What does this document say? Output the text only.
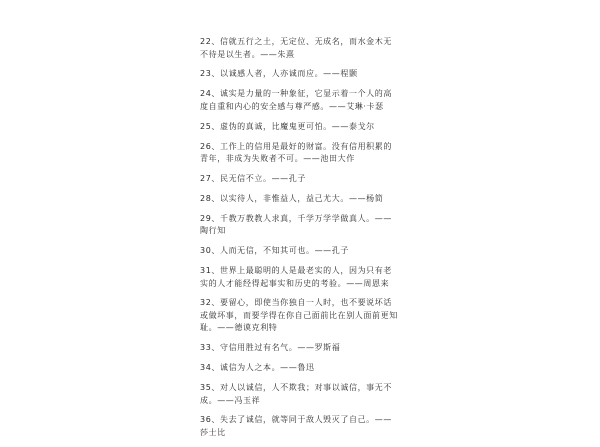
22、信就五行之土，无定位、无成名，而水金木无不待是以生者。——朱熹
23、以诚感人者，人亦诚而应。——程颢
24、诚实是力量的一种象征，它显示着一个人的高度自重和内心的安全感与尊严感。——艾琳·卡瑟
25、虚伪的真诚，比魔鬼更可怕。——泰戈尔
26、工作上的信用是最好的财富。没有信用积累的青年，非成为失败者不可。——池田大作
27、民无信不立。——孔子
28、以实待人，非惟益人，益己尤大。——杨简
29、千教万教教人求真，千学万学学做真人。——陶行知
30、人而无信，不知其可也。——孔子
31、世界上最聪明的人是最老实的人，因为只有老实的人才能经得起事实和历史的考验。——周恩来
32、要留心，即使当你独自一人时，也不要说坏话或做坏事，而要学得在你自己面前比在别人面前更知耻。——德谟克利特
33、守信用胜过有名气。——罗斯福
34、诚信为人之本。——鲁迅
35、对人以诚信，人不欺我；对事以诚信，事无不成。——冯玉祥
36、失去了诚信，就等同于敌人毁灭了自己。——莎士比
